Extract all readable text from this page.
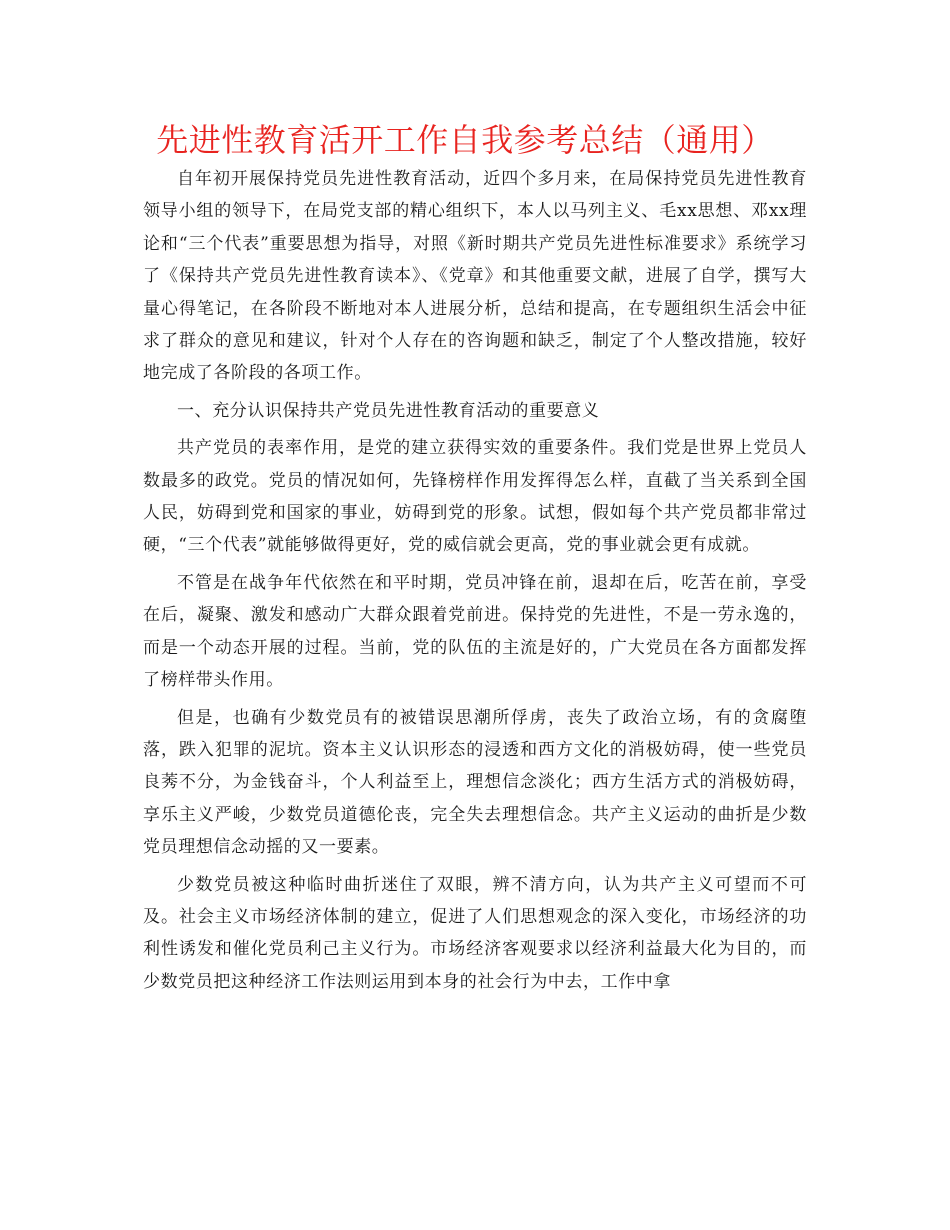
先进性教育活开工作自我参考总结（通用）

自年初开展保持党员先进性教育活动，近四个多月来，在局保持党员先进性教育领导小组的领导下，在局党支部的精心组织下，本人以马列主义、毛xx思想、邓xx理论和“三个代表”重要思想为指导，对照《新时期共产党员先进性标准要求》系统学习了《保持共产党员先进性教育读本》、《党章》和其他重要文献，进展了自学，撰写大量心得笔记，在各阶段不断地对本人进展分析，总结和提高，在专题组织生活会中征求了群众的意见和建议，针对个人存在的咨询题和缺乏，制定了个人整改措施，较好地完成了各阶段的各项工作。

一、充分认识保持共产党员先进性教育活动的重要意义

共产党员的表率作用，是党的建立获得实效的重要条件。我们党是世界上党员人数最多的政党。党员的情况如何，先锋榜样作用发挥得怎么样，直截了当关系到全国人民，妨碍到党和国家的事业，妨碍到党的形象。试想，假如每个共产党员都非常过硬，“三个代表”就能够做得更好，党的威信就会更高，党的事业就会更有成就。

不管是在战争年代依然在和平时期，党员冲锋在前，退却在后，吃苦在前，享受在后，凝聚、激发和感动广大群众跟着党前进。保持党的先进性，不是一劳永逸的，而是一个动态开展的过程。当前，党的队伍的主流是好的，广大党员在各方面都发挥了榜样带头作用。

但是，也确有少数党员有的被错误思潮所俘虏，丧失了政治立场，有的贪腐堕落，跌入犯罪的泥坑。资本主义认识形态的浸透和西方文化的消极妨碍，使一些党员良莠不分，为金钱奋斗，个人利益至上，理想信念淡化；西方生活方式的消极妨碍，享乐主义严峻，少数党员道德伦丧，完全失去理想信念。共产主义运动的曲折是少数党员理想信念动摇的又一要素。

少数党员被这种临时曲折迷住了双眼，辨不清方向，认为共产主义可望而不可及。社会主义市场经济体制的建立，促进了人们思想观念的深入变化，市场经济的功利性诱发和催化党员利己主义行为。市场经济客观要求以经济利益最大化为目的，而少数党员把这种经济工作法则运用到本身的社会行为中去，工作中拿
